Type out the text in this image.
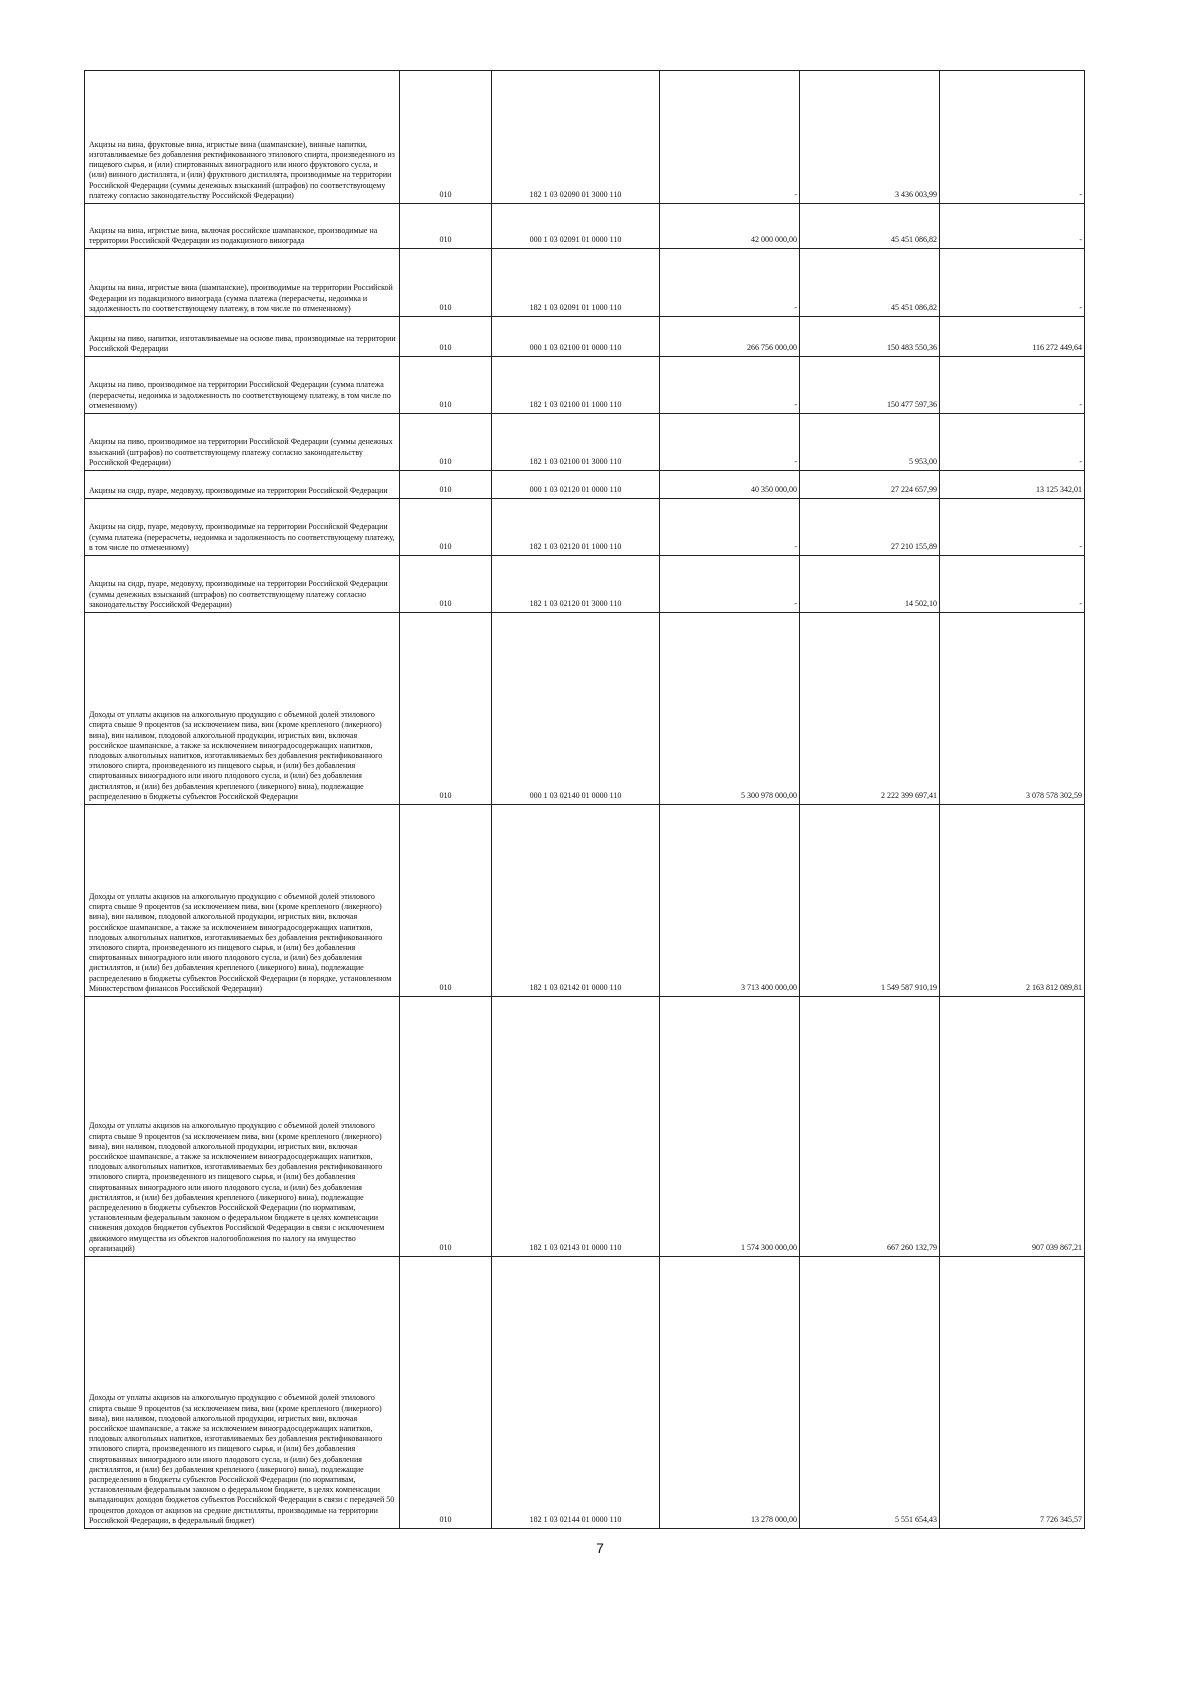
Акцизы на вина, фруктовые вина, игристые вина (шампанские), винные напитки, изготавливаемые без добавления ректификованного этилового спирта, произведенного из пищевого сырья, и (или) спиртованных виноградного или иного фруктового сусла, и (или) винного дистиллята, и (или) фруктового дистиллята, производимые на территории Российской Федерации (суммы денежных взысканий (штрафов) по соответствующему платежу согласно законодательству Российской Федерации)	010	182 1 03 02090 01 3000 110	-	3 436 003,99	-
Акцизы на вина, игристые вина, включая российское шампанское, производимые на территории Российской Федерации из подакцизного винограда	010	000 1 03 02091 01 0000 110	42 000 000,00	45 451 086,82	-
Акцизы на вина, игристые вина (шампанские), производимые на территории Российской Федерации из подакцизного винограда (сумма платежа (перерасчеты, недоимка и задолженность по соответствующему платежу, в том числе по отмененному)	010	182 1 03 02091 01 1000 110	-	45 451 086,82	-
Акцизы на пиво, напитки, изготавливаемые на основе пива, производимые на территории Российской Федерации	010	000 1 03 02100 01 0000 110	266 756 000,00	150 483 550,36	116 272 449,64
Акцизы на пиво, производимое на территории Российской Федерации (сумма платежа (перерасчеты, недоимка и задолженность по соответствующему платежу, в том числе по отмененному)	010	182 1 03 02100 01 1000 110	-	150 477 597,36	-
Акцизы на пиво, производимое на территории Российской Федерации (суммы денежных взысканий (штрафов) по соответствующему платежу согласно законодательству Российской Федерации)	010	182 1 03 02100 01 3000 110	-	5 953,00	-
Акцизы на сидр, пуаре, медовуху, производимые на территории Российской Федерации	010	000 1 03 02120 01 0000 110	40 350 000,00	27 224 657,99	13 125 342,01
Акцизы на сидр, пуаре, медовуху, производимые на территории Российской Федерации (сумма платежа (перерасчеты, недоимка и задолженность по соответствующему платежу, в том числе по отмененному)	010	182 1 03 02120 01 1000 110	-	27 210 155,89	-
Акцизы на сидр, пуаре, медовуху, производимые на территории Российской Федерации (суммы денежных взысканий (штрафов) по соответствующему платежу согласно законодательству Российской Федерации)	010	182 1 03 02120 01 3000 110	-	14 502,10	-
Доходы от уплаты акцизов на алкогольную продукцию с объемной долей этилового спирта свыше 9 процентов (за исключением пива, вин (кроме крепленого (ликерного) вина), вин наливом, плодовой алкогольной продукции, игристых вин, включая российское шампанское, а также за исключением виноградосодержащих напитков, плодовых алкогольных напитков, изготавливаемых без добавления ректификованного этилового спирта, произведенного из пищевого сырья, и (или) без добавления спиртованных виноградного или иного плодового сусла, и (или) без добавления дистиллятов, и (или) без добавления крепленого (ликерного) вина), подлежащие распределению в бюджеты субъектов Российской Федерации	010	000 1 03 02140 01 0000 110	5 300 978 000,00	2 222 399 697,41	3 078 578 302,59
Доходы от уплаты акцизов на алкогольную продукцию с объемной долей этилового спирта свыше 9 процентов (за исключением пива, вин (кроме крепленого (ликерного) вина), вин наливом, плодовой алкогольной продукции, игристых вин, включая российское шампанское, а также за исключением виноградосодержащих напитков, плодовых алкогольных напитков, изготавливаемых без добавления ректификованного этилового спирта, произведенного из пищевого сырья, и (или) без добавления спиртованных виноградного или иного плодового сусла, и (или) без добавления дистиллятов, и (или) без добавления крепленого (ликерного) вина), подлежащие распределению в бюджеты субъектов Российской Федерации (в порядке, установленном Министерством финансов Российской Федерации)	010	182 1 03 02142 01 0000 110	3 713 400 000,00	1 549 587 910,19	2 163 812 089,81
Доходы от уплаты акцизов на алкогольную продукцию с объемной долей этилового спирта свыше 9 процентов (за исключением пива, вин (кроме крепленого (ликерного) вина), вин наливом, плодовой алкогольной продукции, игристых вин, включая российское шампанское, а также за исключением виноградосодержащих напитков, плодовых алкогольных напитков, изготавливаемых без добавления ректификованного этилового спирта, произведенного из пищевого сырья, и (или) без добавления спиртованных виноградного или иного плодового сусла, и (или) без добавления дистиллятов, и (или) без добавления крепленого (ликерного) вина), подлежащие распределению в бюджеты субъектов Российской Федерации (по нормативам, установленным федеральным законом о федеральном бюджете в целях компенсации снижения доходов бюджетов субъектов Российской Федерации в связи с исключением движимого имущества из объектов налогообложения по налогу на имущество организаций)	010	182 1 03 02143 01 0000 110	1 574 300 000,00	667 260 132,79	907 039 867,21
Доходы от уплаты акцизов на алкогольную продукцию с объемной долей этилового спирта свыше 9 процентов (за исключением пива, вин (кроме крепленого (ликерного) вина), вин наливом, плодовой алкогольной продукции, игристых вин, включая российское шампанское, а также за исключением виноградосодержащих напитков, плодовых алкогольных напитков, изготавливаемых без добавления ректификованного этилового спирта, произведенного из пищевого сырья, и (или) без добавления спиртованных виноградного или иного плодового сусла, и (или) без добавления дистиллятов, и (или) без добавления крепленого (ликерного) вина), подлежащие распределению в бюджеты субъектов Российской Федерации (по нормативам, установленным федеральным законом о федеральном бюджете, в целях компенсации выпадающих доходов бюджетов субъектов Российской Федерации в связи с передачей 50 процентов доходов от акцизов на средние дистилляты, производимые на территории Российской Федерации, в федеральный бюджет)	010	182 1 03 02144 01 0000 110	13 278 000,00	5 551 654,43	7 726 345,57
7
